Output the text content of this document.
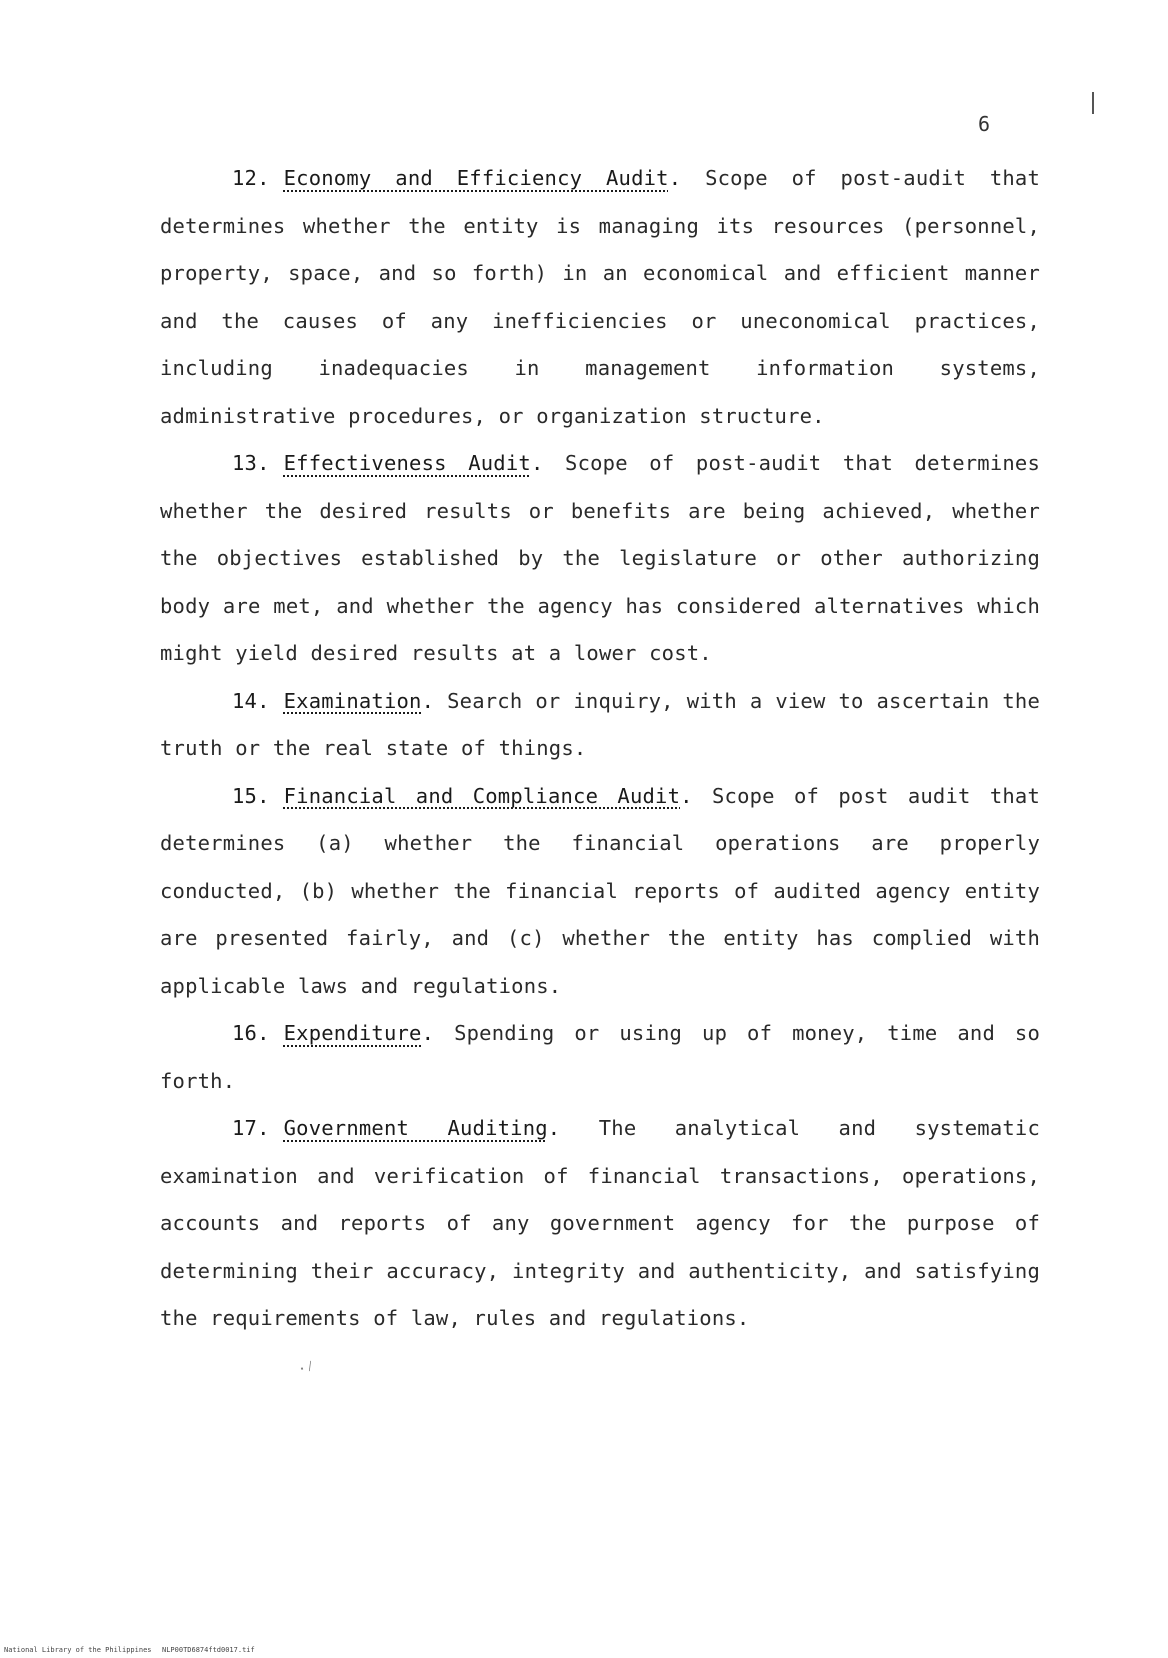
6

12. Economy and Efficiency Audit. Scope of post-audit that determines whether the entity is managing its resources (personnel, property, space, and so forth) in an economical and efficient manner and the causes of any inefficiencies or uneconomical practices, including inadequacies in management information systems, administrative procedures, or organization structure.

13. Effectiveness Audit. Scope of post-audit that determines whether the desired results or benefits are being achieved, whether the objectives established by the legislature or other authorizing body are met, and whether the agency has considered alternatives which might yield desired results at a lower cost.

14. Examination. Search or inquiry, with a view to ascertain the truth or the real state of things.

15. Financial and Compliance Audit. Scope of post audit that determines (a) whether the financial operations are properly conducted, (b) whether the financial reports of audited agency entity are presented fairly, and (c) whether the entity has complied with applicable laws and regulations.

16. Expenditure. Spending or using up of money, time and so forth.

17. Government Auditing. The analytical and systematic examination and verification of financial transactions, operations, accounts and reports of any government agency for the purpose of determining their accuracy, integrity and authenticity, and satisfying the requirements of law, rules and regulations.

·⁄
National Library of the Philippines NLP00TD6874ftd0017.tif
